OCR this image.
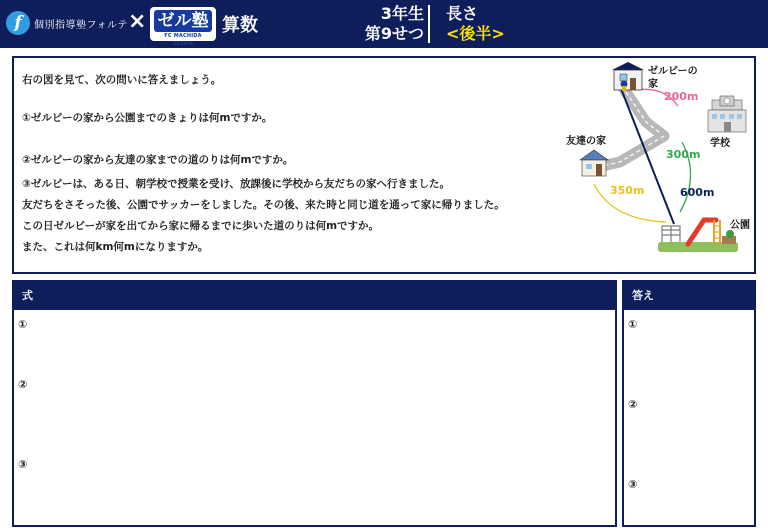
f	個別指導塾フォルテ × ゼル塾
FC MACHIDA ZELVIA
算数
3年生
第9せつ
長さ
<後半>
右の図を見て、次の問いに答えましょう。
①ゼルビーの家から公園までのきょりは何mですか。
②ゼルビーの家から友達の家までの道のりは何mですか。
③ゼルビーは、ある日、朝学校で授業を受け、放課後に学校から友だちの家へ行きました。
友だちをさそった後、公園でサッカーをしました。その後、来た時と同じ道を通って家に帰りました。
この日ゼルビーが家を出てから家に帰るまでに歩いた道のりは何mですか。
また、これは何km何mになりますか。
ゼルビーの
家
学校
友達の家
公園
200m
300m
350m	600m
式
①
②
③
答え
①
②
③
